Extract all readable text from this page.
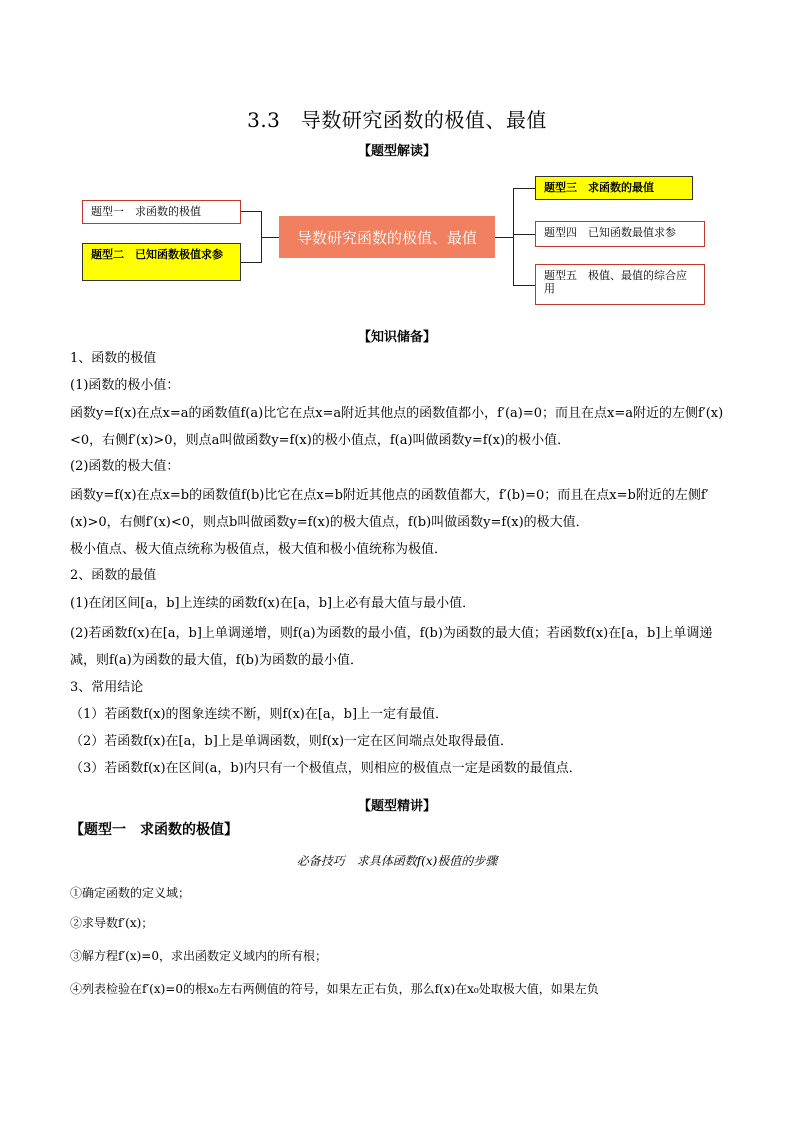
3.3　导数研究函数的极值、最值
【题型解读】
题型一　求函数的极值
题型二　已知函数极值求参
导数研究函数的极值、最值
题型三　求函数的最值
题型四　已知函数最值求参
题型五　极值、最值的综合应用
【知识储备】
1、函数的极值
(1)函数的极小值：
函数y=f(x)在点x=a的函数值f(a)比它在点x=a附近其他点的函数值都小，f′(a)=0；而且在点x=a附近的左侧f′(x)<0，右侧f′(x)>0，则点a叫做函数y=f(x)的极小值点，f(a)叫做函数y=f(x)的极小值．
(2)函数的极大值：
函数y=f(x)在点x=b的函数值f(b)比它在点x=b附近其他点的函数值都大，f′(b)=0；而且在点x=b附近的左侧f′(x)>0，右侧f′(x)<0，则点b叫做函数y=f(x)的极大值点，f(b)叫做函数y=f(x)的极大值．
极小值点、极大值点统称为极值点，极大值和极小值统称为极值．
2、函数的最值
(1)在闭区间[a，b]上连续的函数f(x)在[a，b]上必有最大值与最小值．
(2)若函数f(x)在[a，b]上单调递增，则f(a)为函数的最小值，f(b)为函数的最大值；若函数f(x)在[a，b]上单调递减，则f(a)为函数的最大值，f(b)为函数的最小值．
3、常用结论
（1）若函数f(x)的图象连续不断，则f(x)在[a，b]上一定有最值．
（2）若函数f(x)在[a，b]上是单调函数，则f(x)一定在区间端点处取得最值．
（3）若函数f(x)在区间(a，b)内只有一个极值点，则相应的极值点一定是函数的最值点．
【题型精讲】
【题型一　求函数的极值】
必备技巧　求具体函数f(x)极值的步骤
①确定函数的定义域；
②求导数f′(x)；
③解方程f′(x)=0，求出函数定义域内的所有根；
④列表检验在f′(x)=0的根x₀左右两侧值的符号，如果左正右负，那么f(x)在x₀处取极大值，如果左负
